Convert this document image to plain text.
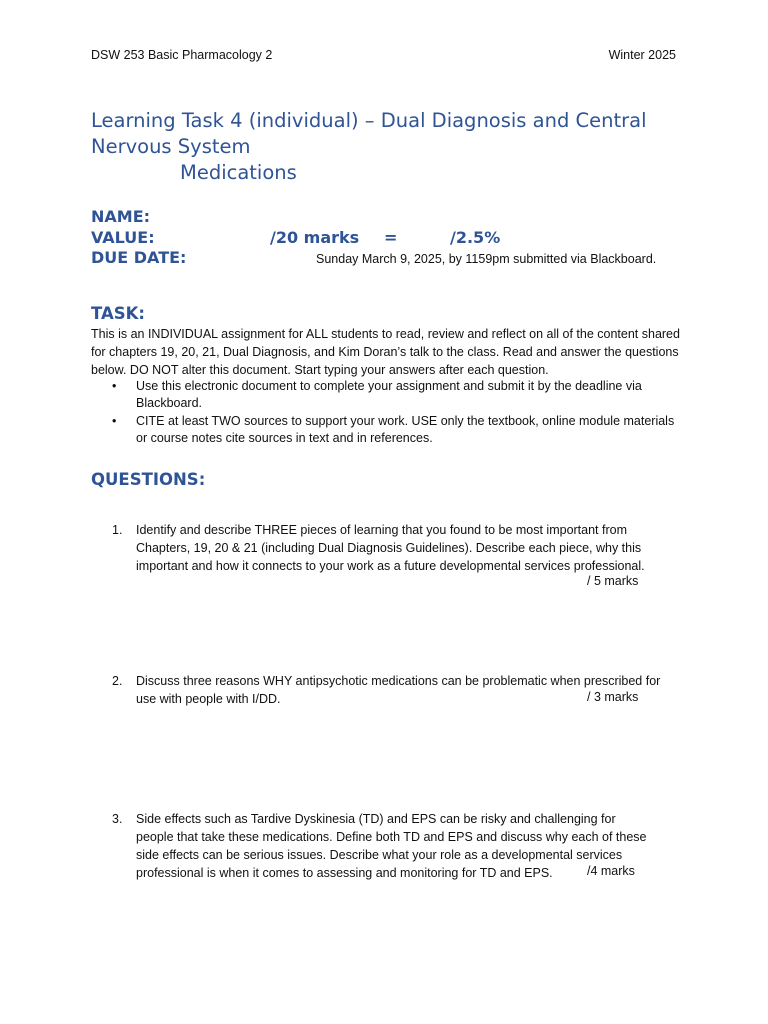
DSW 253 Basic Pharmacology 2	Winter 2025
Learning Task 4 (individual) – Dual Diagnosis and Central
Nervous System
Medications
NAME:
VALUE:	/20 marks =	/2.5%
DUE DATE:	Sunday March 9, 2025, by 1159pm submitted via Blackboard.
TASK:
This is an INDIVIDUAL assignment for ALL students to read, review and reflect on all of the content shared for chapters 19, 20, 21, Dual Diagnosis, and Kim Doran’s talk to the class. Read and answer the questions below. DO NOT alter this document. Start typing your answers after each question.
• Use this electronic document to complete your assignment and submit it by the deadline via Blackboard.
• CITE at least TWO sources to support your work. USE only the textbook, online module materials or course notes cite sources in text and in references.
QUESTIONS:
1. Identify and describe THREE pieces of learning that you found to be most important from Chapters, 19, 20 & 21 (including Dual Diagnosis Guidelines). Describe each piece, why this important and how it connects to your work as a future developmental services professional.
/ 5 marks
2. Discuss three reasons WHY antipsychotic medications can be problematic when prescribed for use with people with I/DD.	/ 3 marks
3. Side effects such as Tardive Dyskinesia (TD) and EPS can be risky and challenging for people that take these medications. Define both TD and EPS and discuss why each of these side effects can be serious issues. Describe what your role as a developmental services professional is when it comes to assessing and monitoring for TD and EPS.	/4 marks
